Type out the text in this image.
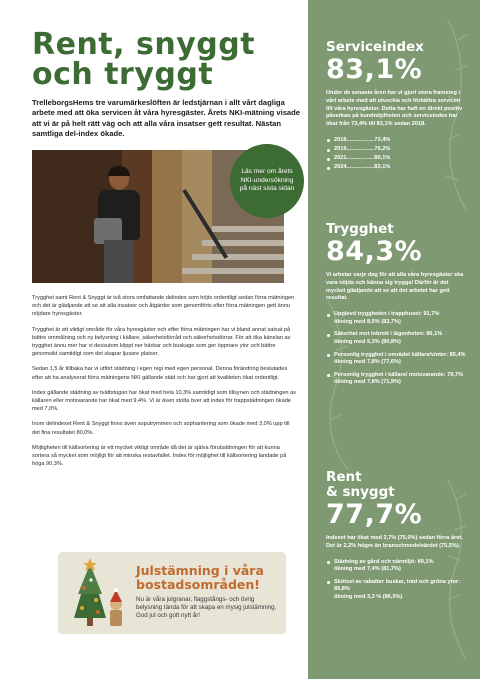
Rent, snyggt
och tryggt
TrelleborgsHems tre varumärkeslöften är ledstjärnan i allt vårt dagliga arbete med att öka servicen åt våra hyresgäster. Årets NKI-mätning visade att vi är på helt rätt väg och att alla våra insatser gett resultat. Nästan samtliga del-index ökade.
Läs mer om årets NKI-undersökning på näst sista sidan

Trygghet samt Rent & Snyggt är två stora omfattande delindex som höjts ordentligt sedan förra mätningen och det är glädjande att se att alla insatser och åtgärder som genomförts efter förra mätningen gett ännu nöjdare hyresgäster.

Trygghet är ett viktigt område för våra hyresgäster och efter förra mätningen har vi bland annat satsat på bättre ommålning och ny belysning i källare, säkerhetsförråd och säkerhetsdörrar. För att öka känslan av trygghet ännu mer har vi dessutom klippt ner häckar och buskage som ger öppnare ytor och bättre genomsikt samtidigt som det skapar ljusare platser.

Sedan 1,5 år tillbaka har vi utfört städning i egen regi med egen personal. Denna förändring beslutades efter att ha analyserat förra mätningens NKI gällande städ och har gjort att kvaliteten ökat ordentligt.

Index gällande städning av tvättstugan har ökat med hela 10,3% samtidigt som tillsynen och städningen av källaren eller motsvarande har ökat med 9,4%. Vi är även stolta över att index för trappstädningen ökade med 7,0%.

Inom delindexet Rent & Snyggt finns även soputrymmen och sophantering som ökade med 3,0% upp till det fina resultatet 80,0%.

Möjligheten till källsortering är ett mycket viktigt område då det är själva förutsättningen för att kunna sortera så mycket som möjligt för att minska restavfallet. Index för möjlighet till källsortering landade på höga 90,3%.

Julstämning i våra bostadsområden!
Nu är våra julgranar, flaggstångs- och övrig belysning tända för att skapa en mysig julstämning. God jul och gott nytt år!
Serviceindex
83,1%
Under de senaste åren har vi gjort stora framsteg i vårt arbete med att utveckla och förbättra servicen till våra hyresgäster. Detta har haft en direkt positiv påverkan på kundnöjdheten och serviceindex har ökat från 73,4% till 83,1% sedan 2018.
2018..................73,4%
2019..................76,2%
2021..................80,1%
2024..................83,1%
Trygghet
84,3%
Vi arbetar varje dag för att alla våra hyresgäster ska vara nöjda och känna sig trygga! Därför är det mycket glädjande att se att det arbetet har gett resultat.
Upplevd tryggheten i trapphuset: 91,7%
ökning med 8,0% (83,7%)
Säkerhet mot inbrott i lägenheten: 86,1%
ökning med 5,3% (80,8%)
Personlig trygghet i området källare/vinter: 85,4%
ökning med 7,8% (77,6%)
Personlig trygghet i källare/ motsvarande: 79,7%
ökning med 7,8% (71,9%)
Rent
& snyggt
77,7%
Indexet har ökat med 2,7% (75,0%) sedan förra året. Det är 2,2% högre än branschmedelvärdet (75,5%).
Städning av gård och närmiljö: 89,1%
ökning med 7,4% (81,7%)
Skötsel av rabatter buskar, träd och gröna ytor: 89,8%
ökning med 3,3 % (86,5%)
